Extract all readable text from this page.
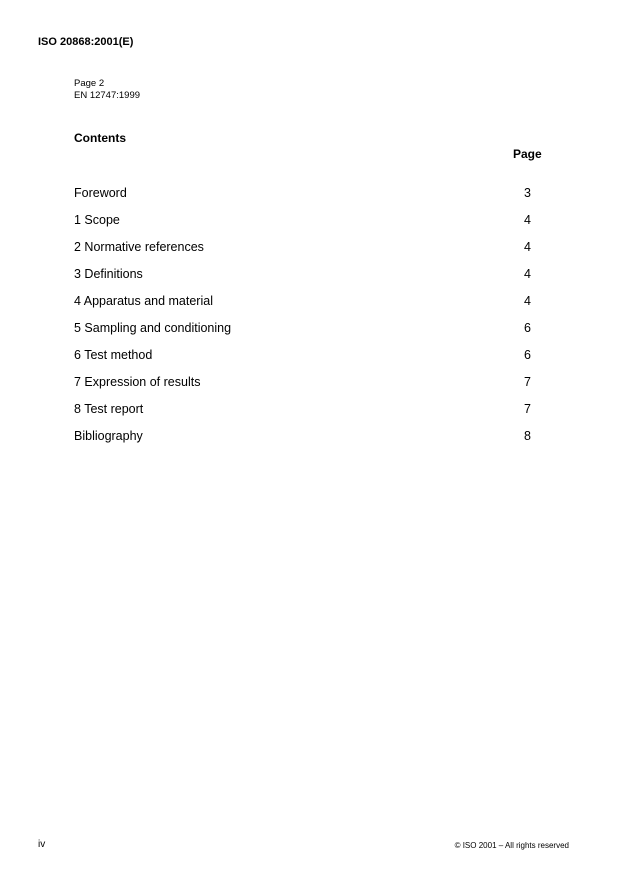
ISO 20868:2001(E)
Page 2
EN 12747:1999
Contents
Page
Foreword	3
1 Scope	4
2 Normative references	4
3 Definitions	4
4 Apparatus and material	4
5 Sampling and conditioning	6
6 Test method	6
7 Expression of results	7
8 Test report	7
Bibliography	8
iv	© ISO 2001 – All rights reserved
